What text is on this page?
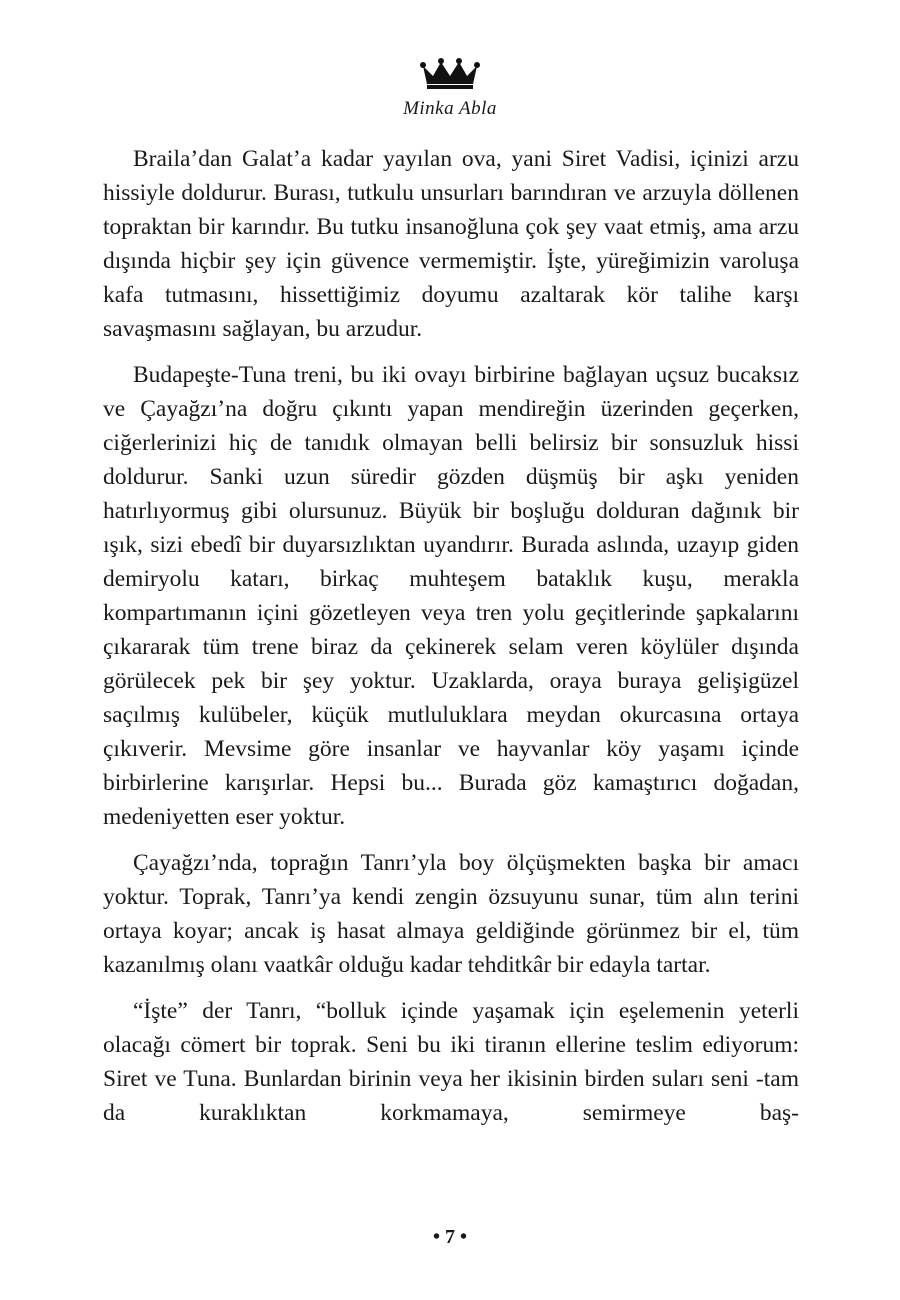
Minka Abla

Braila’dan Galat’a kadar yayılan ova, yani Siret Vadisi, içinizi arzu hissiyle doldurur. Burası, tutkulu unsurları barındıran ve arzuyla döllenen topraktan bir karındır. Bu tutku insanoğluna çok şey vaat etmiş, ama arzu dışında hiçbir şey için güvence vermemiştir. İşte, yüreğimizin varoluşa kafa tutmasını, hissettiğimiz doyumu azaltarak kör talihe karşı savaşmasını sağlayan, bu arzudur.

Budapeşte-Tuna treni, bu iki ovayı birbirine bağlayan uçsuz bucaksız ve Çayağzı’na doğru çıkıntı yapan mendireğin üzerinden geçerken, ciğerlerinizi hiç de tanıdık olmayan belli belirsiz bir sonsuzluk hissi doldurur. Sanki uzun süredir gözden düşmüş bir aşkı yeniden hatırlıyormuş gibi olursunuz. Büyük bir boşluğu dolduran dağınık bir ışık, sizi ebedî bir duyarsızlıktan uyandırır. Burada aslında, uzayıp giden demiryolu katarı, birkaç muhteşem bataklık kuşu, merakla kompartımanın içini gözetleyen veya tren yolu geçitlerinde şapkalarını çıkararak tüm trene biraz da çekinerek selam veren köylüler dışında görülecek pek bir şey yoktur. Uzaklarda, oraya buraya gelişigüzel saçılmış kulübeler, küçük mutluluklara meydan okurcasına ortaya çıkıverir. Mevsime göre insanlar ve hayvanlar köy yaşamı içinde birbirlerine karışırlar. Hepsi bu... Burada göz kamaştırıcı doğadan, medeniyetten eser yoktur.

Çayağzı’nda, toprağın Tanrı’yla boy ölçüşmekten başka bir amacı yoktur. Toprak, Tanrı’ya kendi zengin özsuyunu sunar, tüm alın terini ortaya koyar; ancak iş hasat almaya geldiğinde görünmez bir el, tüm kazanılmış olanı vaatkâr olduğu kadar tehditkâr bir edayla tartar.

“İşte” der Tanrı, “bolluk içinde yaşamak için eşelemenin yeterli olacağı cömert bir toprak. Seni bu iki tiranın ellerine teslim ediyorum: Siret ve Tuna. Bunlardan birinin veya her ikisinin birden suları seni -tam da kuraklıktan korkmamaya, semirmeye baş-

• 7 •
